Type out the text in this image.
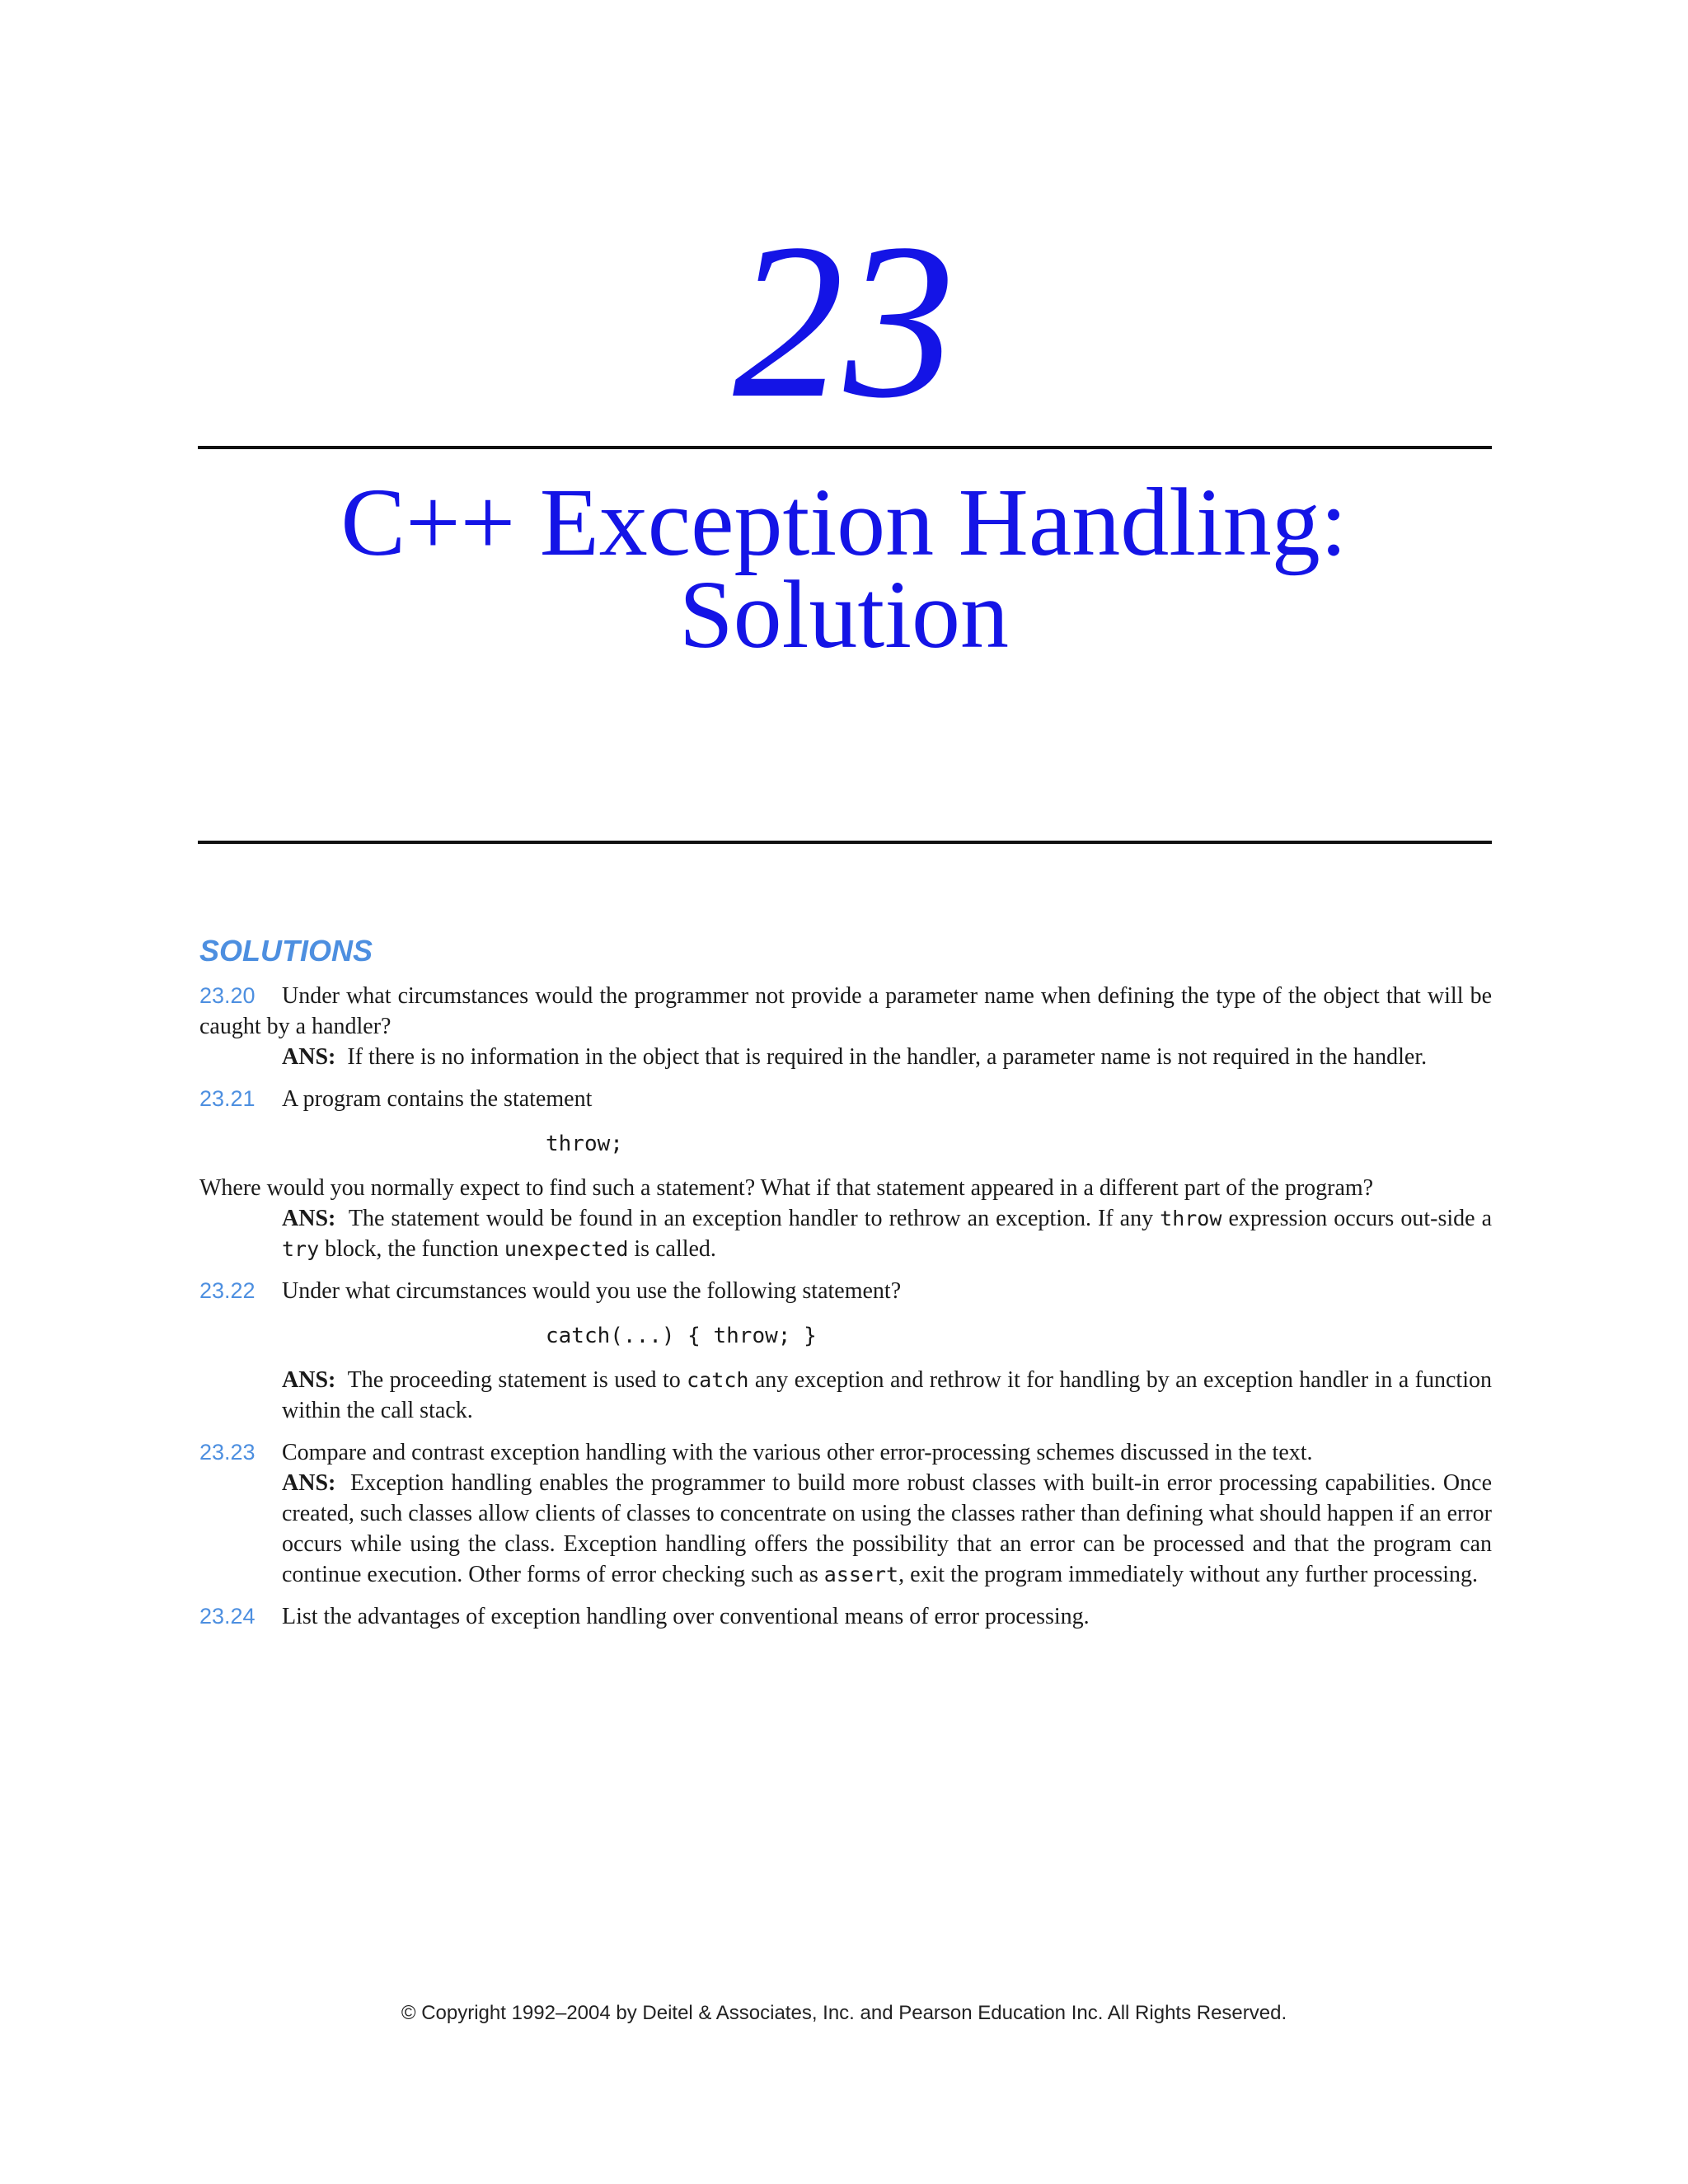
23
C++ Exception Handling:
Solution
SOLUTIONS

23.20 Under what circumstances would the programmer not provide a parameter name when defining the type of the object that will be caught by a handler?

ANS: If there is no information in the object that is required in the handler, a parameter name is not required in the handler.

23.21 A program contains the statement

throw;

Where would you normally expect to find such a statement? What if that statement appeared in a different part of the program?

ANS: The statement would be found in an exception handler to rethrow an exception. If any throw expression occurs out-side a try block, the function unexpected is called.

23.22 Under what circumstances would you use the following statement?

catch(...) { throw; }
ANS: The proceeding statement is used to catch any exception and rethrow it for handling by an exception handler in a function within the call stack.

23.23 Compare and contrast exception handling with the various other error-processing schemes discussed in the text.

ANS: Exception handling enables the programmer to build more robust classes with built-in error processing capabilities. Once created, such classes allow clients of classes to concentrate on using the classes rather than defining what should happen if an error occurs while using the class. Exception handling offers the possibility that an error can be processed and that the program can continue execution. Other forms of error checking such as assert, exit the program immediately without any further processing.

23.24 List the advantages of exception handling over conventional means of error processing.

© Copyright 1992–2004 by Deitel & Associates, Inc. and Pearson Education Inc. All Rights Reserved.
